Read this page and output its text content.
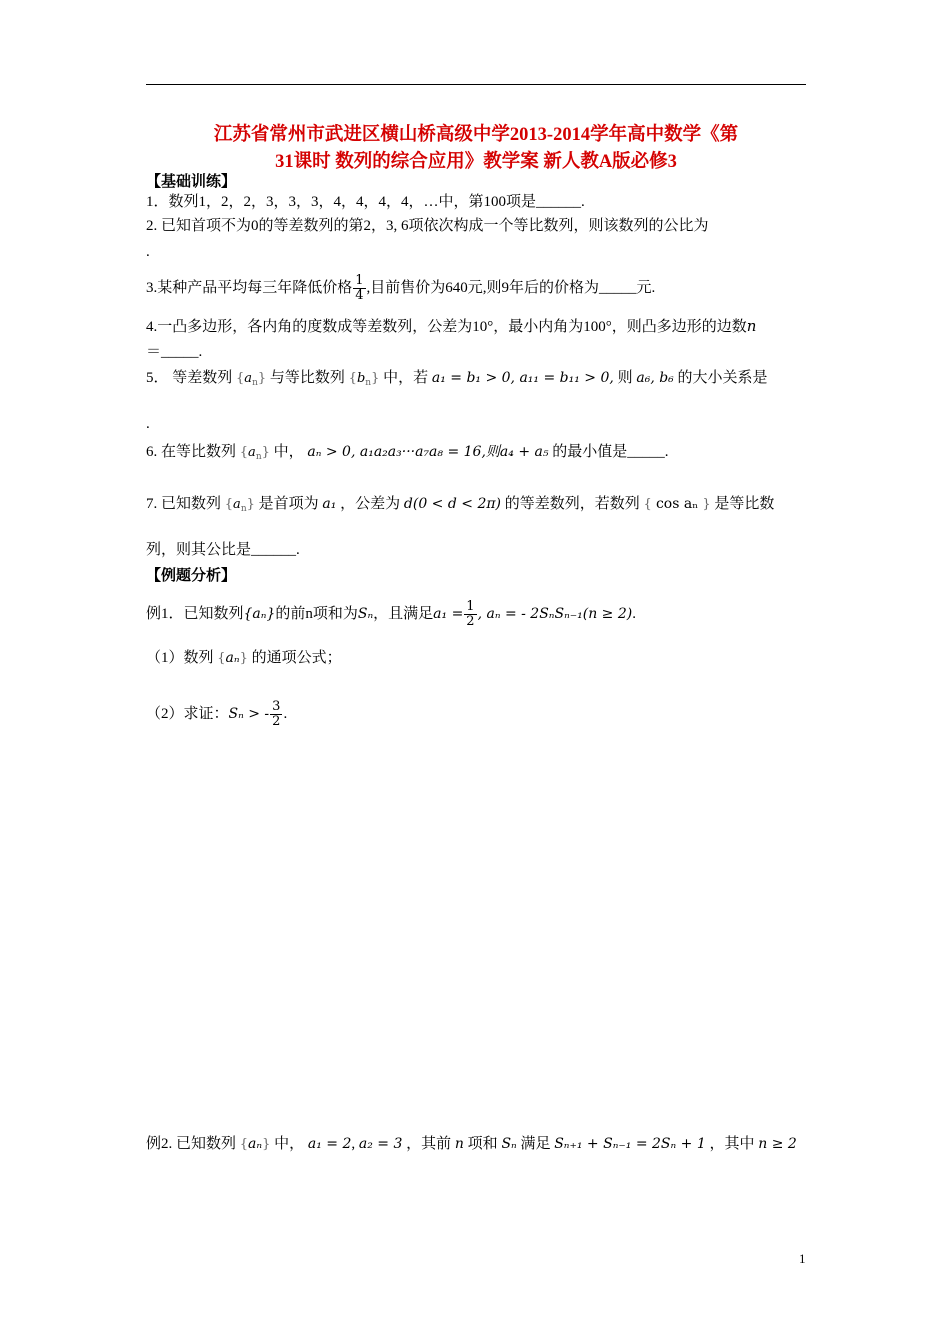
江苏省常州市武进区横山桥高级中学2013-2014学年高中数学《第
31课时 数列的综合应用》教学案 新人教A版必修3
【基础训练】
1．数列1，2，2，3，3，3，4，4，4，4，…中，第100项是______.
2. 已知首项不为0的等差数列的第2，3, 6项依次构成一个等比数列，则该数列的公比为
.
3.某种产品平均每三年降低价格 $\frac{1}{4}$ ,目前售价为640元,则9年后的价格为_____元.
4.一凸多边形，各内角的度数成等差数列，公差为10°，最小内角为100°，则凸多边形的边数n
＝_____.
5． 等差数列 $\{a_n\}$ 与等比数列 $\{b_n\}$ 中，若 a₁ = b₁ > 0, a₁₁ = b₁₁ > 0, 则 a₆, b₆ 的大小关系是
.
6. 在等比数列 $\{a_n\}$ 中， aₙ > 0, a₁a₂a₃···a₇a₈ = 16,则a₄ + a₅ 的最小值是_____.
7. 已知数列 $\{a_n\}$ 是首项为 a₁ ，公差为 d(0 < d < 2π) 的等差数列，若数列 { cos aₙ } 是等比数
列，则其公比是______.
【例题分析】
例1．已知数列{aₙ}的前n项和为Sₙ，且满足$a_1 = \frac{1}{2}$ , aₙ = - 2SₙSₙ₋₁(n ≥ 2).
（1）数列 {aₙ} 的通项公式；
（2）求证：Sₙ > - $\frac{3}{2}$ .
例2. 已知数列 {aₙ} 中， a₁ = 2, a₂ = 3 ，其前 n 项和 Sₙ 满足 Sₙ₊₁ + Sₙ₋₁ = 2Sₙ + 1 ，其中 n ≥ 2
1
